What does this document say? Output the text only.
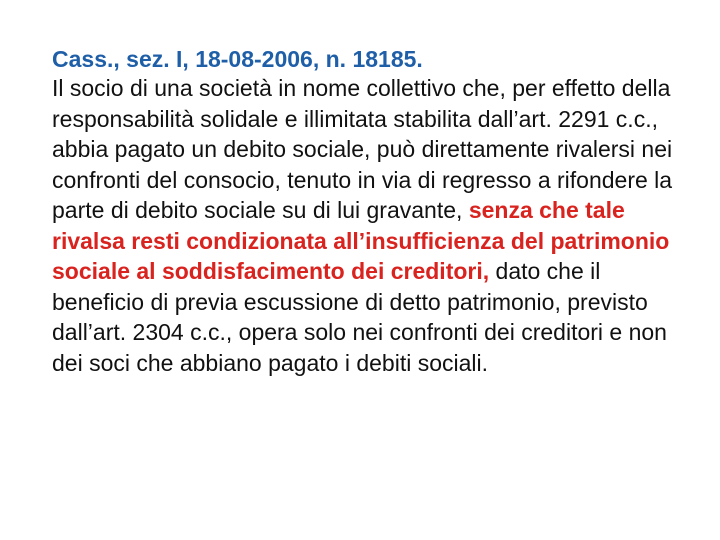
Cass., sez. I, 18-08-2006, n. 18185.

Il socio di una società in nome collettivo che, per effetto della responsabilità solidale e illimitata stabilita dall’art. 2291 c.c., abbia pagato un debito sociale, può direttamente rivalersi nei confronti del consocio, tenuto in via di regresso a rifondere la parte di debito sociale su di lui gravante, senza che tale rivalsa resti condizionata all’insufficienza del patrimonio sociale al soddisfacimento dei creditori, dato che il beneficio di previa escussione di detto patrimonio, previsto dall’art. 2304 c.c., opera solo nei confronti dei creditori e non dei soci che abbiano pagato i debiti sociali.
